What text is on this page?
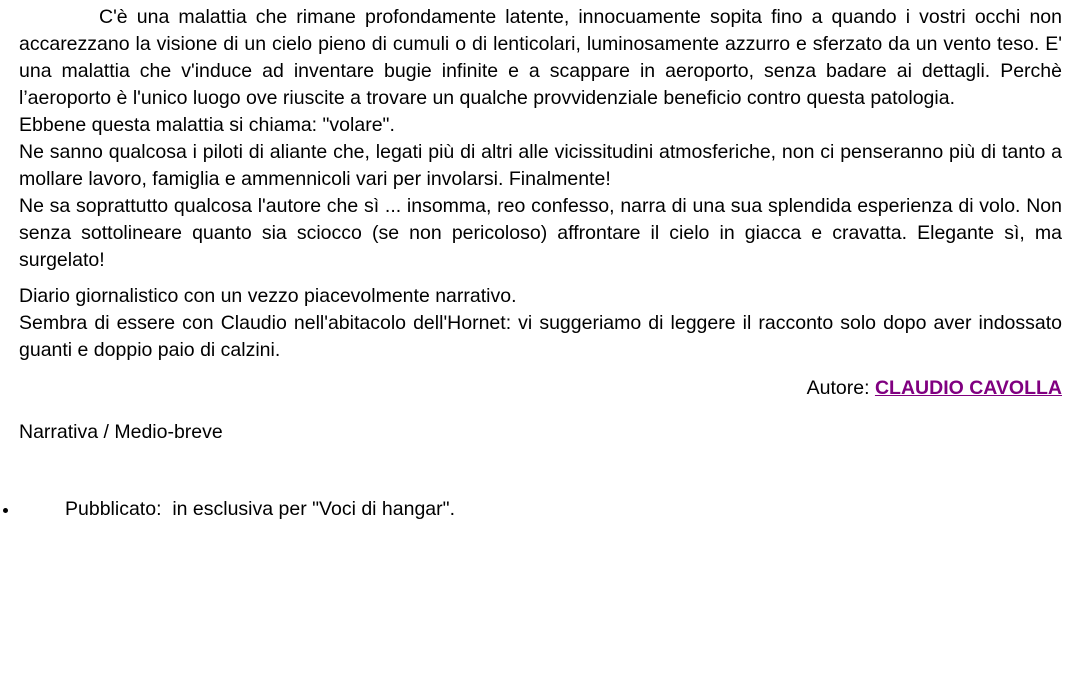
C'è una malattia che rimane profondamente latente, innocuamente sopita fino a quando i vostri occhi non accarezzano la visione di un cielo pieno di cumuli o di lenticolari, luminosamente azzurro e sferzato da un vento teso. E' una malattia che v'induce ad inventare bugie infinite e a scappare in aeroporto, senza badare ai dettagli. Perchè l’aeroporto è l'unico luogo ove riuscite a trovare un qualche provvidenziale beneficio contro questa patologia.

Ebbene questa malattia si chiama: "volare".

Ne sanno qualcosa i piloti di aliante che, legati più di altri alle vicissitudini atmosferiche, non ci penseranno più di tanto a mollare lavoro, famiglia e ammennicoli vari per involarsi. Finalmente!

Ne sa soprattutto qualcosa l'autore che sì ... insomma, reo confesso, narra di una sua splendida esperienza di volo. Non senza sottolineare quanto sia sciocco (se non pericoloso) affrontare il cielo in giacca e cravatta. Elegante sì, ma surgelato!

Diario giornalistico con un vezzo piacevolmente narrativo.

Sembra di essere con Claudio nell'abitacolo dell'Hornet: vi suggeriamo di leggere il racconto solo dopo aver indossato guanti e doppio paio di calzini.

Autore: CLAUDIO CAVOLLA
Narrativa / Medio-breve
Pubblicato:  in esclusiva per "Voci di hangar".
